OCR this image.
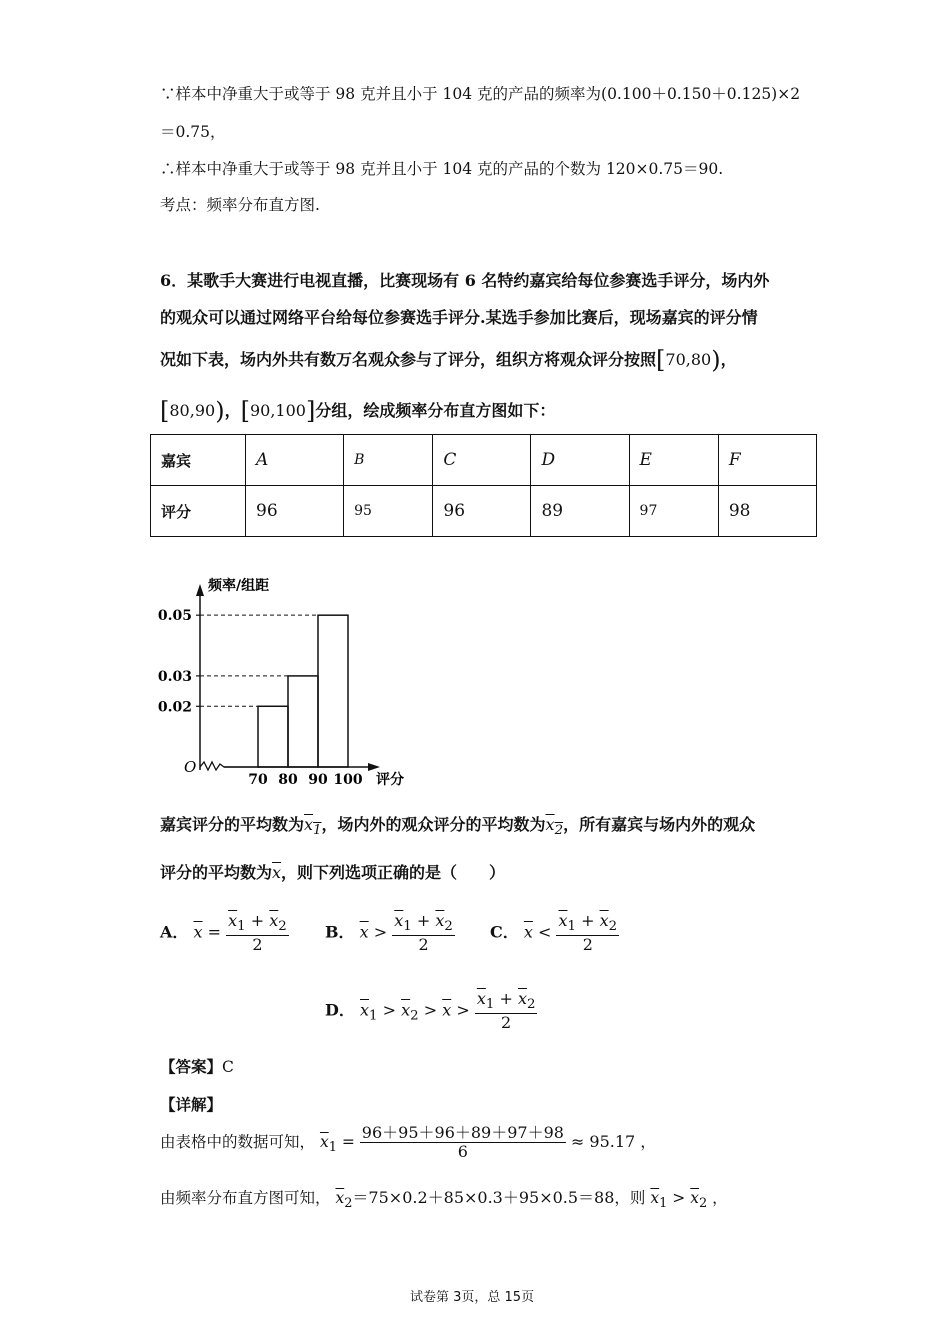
∵样本中净重大于或等于 98 克并且小于 104 克的产品的频率为(0.100＋0.150＋0.125)×2
＝0.75，
∴样本中净重大于或等于 98 克并且小于 104 克的产品的个数为 120×0.75＝90.
考点：频率分布直方图.
6．某歌手大赛进行电视直播，比赛现场有 6 名特约嘉宾给每位参赛选手评分，场内外
的观众可以通过网络平台给每位参赛选手评分.某选手参加比赛后，现场嘉宾的评分情
况如下表，场内外共有数万名观众参与了评分，组织方将观众评分按照[70,80)，
[80,90)，[90,100]分组，绘成频率分布直方图如下：
嘉宾	A	B	C	D	E	F
评分	96	95	96	89	97	98
0.02
0.03
0.05
70 80 90 100
频率/组距
评分
O
嘉宾评分的平均数为$x_1$，场内外的观众评分的平均数为$x_2$，所有嘉宾与场内外的观众
评分的平均数为$\overline{x}$，则下列选项正确的是（　　）
A． $\overline{x} = \frac{\overline{x}_1 + \overline{x}_2}{2}$ B． $\overline{x} > \frac{\overline{x}_1 + \overline{x}_2}{2}$ C． $\overline{x} < \frac{\overline{x}_1 + \overline{x}_2}{2}$
D． $\overline{x}_1 > \overline{x}_2 > \overline{x} > \frac{\overline{x}_1 + \overline{x}_2}{2}$
【答案】C
【详解】
由表格中的数据可知， $\overline{x}_1 = \frac{96+95+96+89+97+98}{6} \approx 95.17$ ，
由频率分布直方图可知， $\overline{x}_2=75\times 0.2+85\times 0.3+95\times 0.5=88$，则 $\overline{x}_1 > \overline{x}_2$ ，
试卷第 3页，总 15页
